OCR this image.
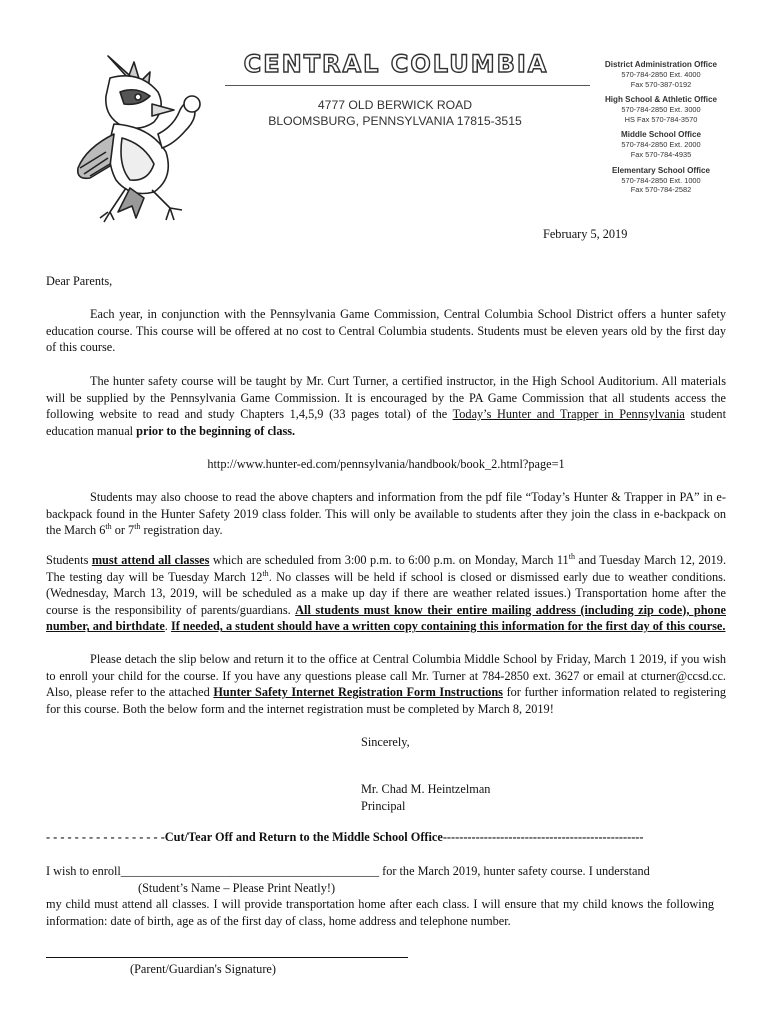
CENTRAL COLUMBIA
4777 OLD BERWICK ROAD
BLOOMSBURG, PENNSYLVANIA 17815-3515
District Administration Office
570-784-2850 Ext. 4000
Fax 570-387-0192
High School & Athletic Office
570-784-2850 Ext. 3000
HS Fax 570-784-3570
Middle School Office
570-784-2850 Ext. 2000
Fax 570-784-4935
Elementary School Office
570-784-2850 Ext. 1000
Fax 570-784-2582
February 5, 2019

Dear Parents,

Each year, in conjunction with the Pennsylvania Game Commission, Central Columbia School District offers a hunter safety education course. This course will be offered at no cost to Central Columbia students. Students must be eleven years old by the first day of this course.

The hunter safety course will be taught by Mr. Curt Turner, a certified instructor, in the High School Auditorium. All materials will be supplied by the Pennsylvania Game Commission. It is encouraged by the PA Game Commission that all students access the following website to read and study Chapters 1,4,5,9 (33 pages total) of the Today’s Hunter and Trapper in Pennsylvania student education manual prior to the beginning of class.

http://www.hunter-ed.com/pennsylvania/handbook/book_2.html?page=1

Students may also choose to read the above chapters and information from the pdf file “Today’s Hunter & Trapper in PA” in e-backpack found in the Hunter Safety 2019 class folder. This will only be available to students after they join the class in e-backpack on the March 6th or 7th registration day.

Students must attend all classes which are scheduled from 3:00 p.m. to 6:00 p.m. on Monday, March 11th and Tuesday March 12, 2019. The testing day will be Tuesday March 12th. No classes will be held if school is closed or dismissed early due to weather conditions. (Wednesday, March 13, 2019, will be scheduled as a make up day if there are weather related issues.) Transportation home after the course is the responsibility of parents/guardians. All students must know their entire mailing address (including zip code), phone number, and birthdate. If needed, a student should have a written copy containing this information for the first day of this course.

Please detach the slip below and return it to the office at Central Columbia Middle School by Friday, March 1 2019, if you wish to enroll your child for the course. If you have any questions please call Mr. Turner at 784-2850 ext. 3627 or email at cturner@ccsd.cc. Also, please refer to the attached Hunter Safety Internet Registration Form Instructions for further information related to registering for this course. Both the below form and the internet registration must be completed by March 8, 2019!

Sincerely,
Mr. Chad M. Heintzelman
Principal
- - - - - - - - - - - - - - - - -Cut/Tear Off and Return to the Middle School Office-------------------------------------------------
I wish to enroll__________________________________________ for the March 2019, hunter safety course. I understand
(Student’s Name – Please Print Neatly!)

my child must attend all classes. I will provide transportation home after each class. I will ensure that my child knows the following information: date of birth, age as of the first day of class, home address and telephone number.

(Parent/Guardian's Signature)
